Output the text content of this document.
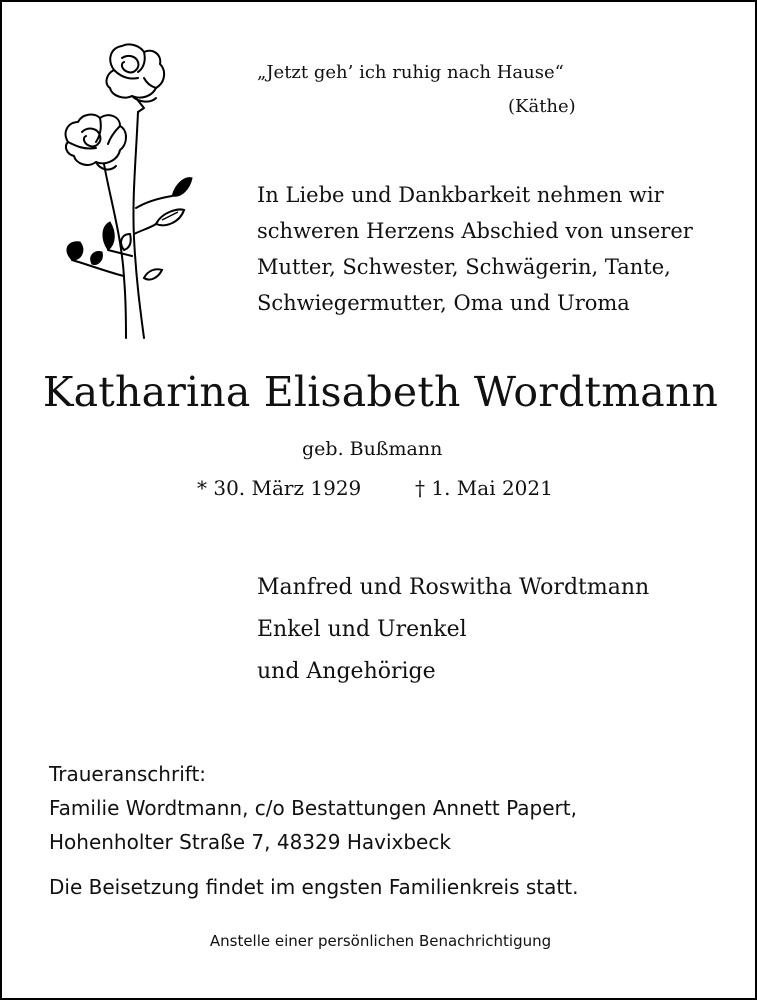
„Jetzt geh’ ich ruhig nach Hause“
(Käthe)
In Liebe und Dankbarkeit nehmen wir
schweren Herzens Abschied von unserer
Mutter, Schwester, Schwägerin, Tante,
Schwiegermutter, Oma und Uroma
Katharina Elisabeth Wordtmann
geb. Bußmann
* 30. März 1929	† 1. Mai 2021
Manfred und Roswitha Wordtmann
Enkel und Urenkel
und Angehörige
Traueranschrift:
Familie Wordtmann, c/o Bestattungen Annett Papert,
Hohenholter Straße 7, 48329 Havixbeck
Die Beisetzung findet im engsten Familienkreis statt.
Anstelle einer persönlichen Benachrichtigung
